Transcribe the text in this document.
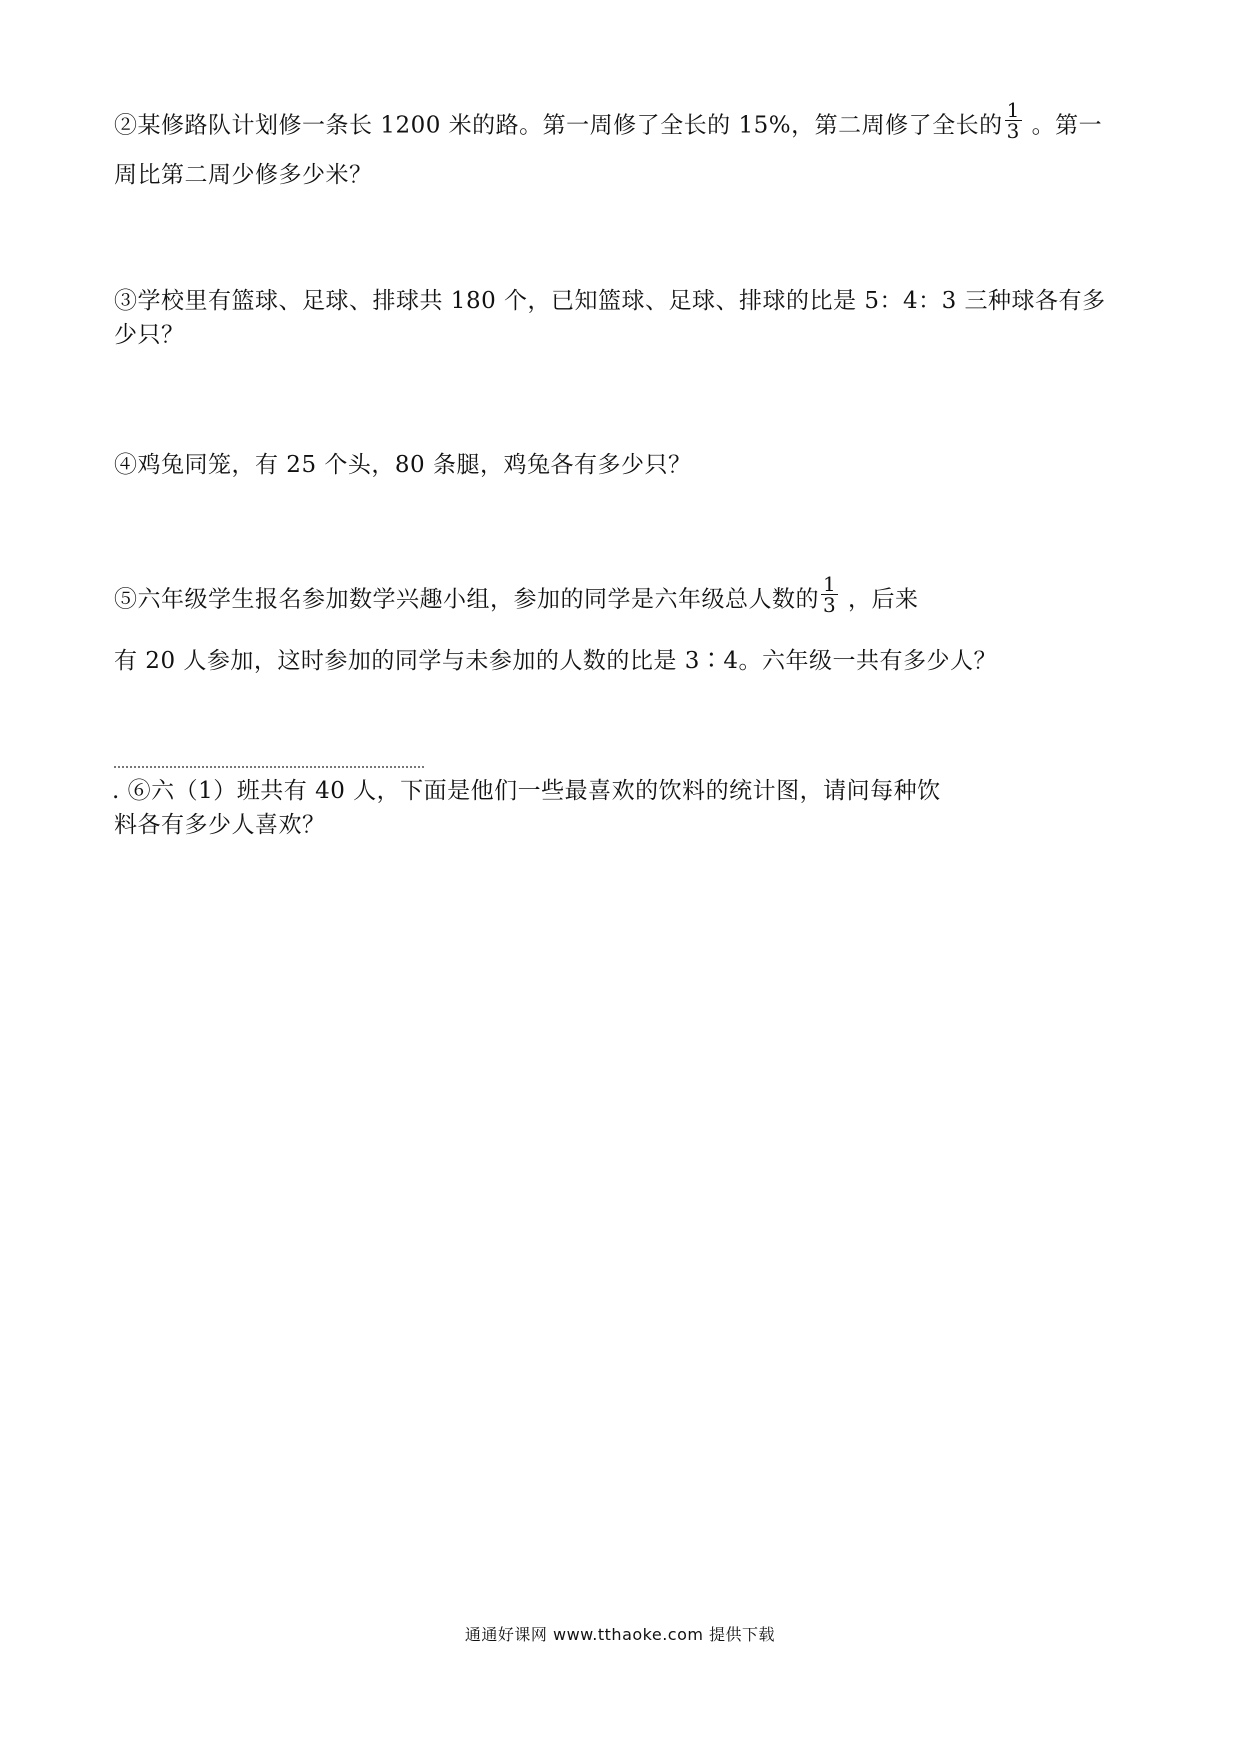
②某修路队计划修一条长 1200 米的路。第一周修了全长的 15%，第二周修了全长的 $\frac{1}{3}$ 。第一
周比第二周少修多少米？
③学校里有篮球、足球、排球共 180 个，已知篮球、足球、排球的比是 5：4：3 三种球各有多
少只？
④鸡兔同笼，有 25 个头，80 条腿，鸡兔各有多少只？
⑤六年级学生报名参加数学兴趣小组，参加的同学是六年级总人数的 $\frac{1}{3}$ ，后来
有 20 人参加，这时参加的同学与未参加的人数的比是 3∶4。六年级一共有多少人？
. ⑥六（1）班共有 40 人，下面是他们一些最喜欢的饮料的统计图，请问每种饮
料各有多少人喜欢？
通通好课网 www.tthaoke.com 提供下载
